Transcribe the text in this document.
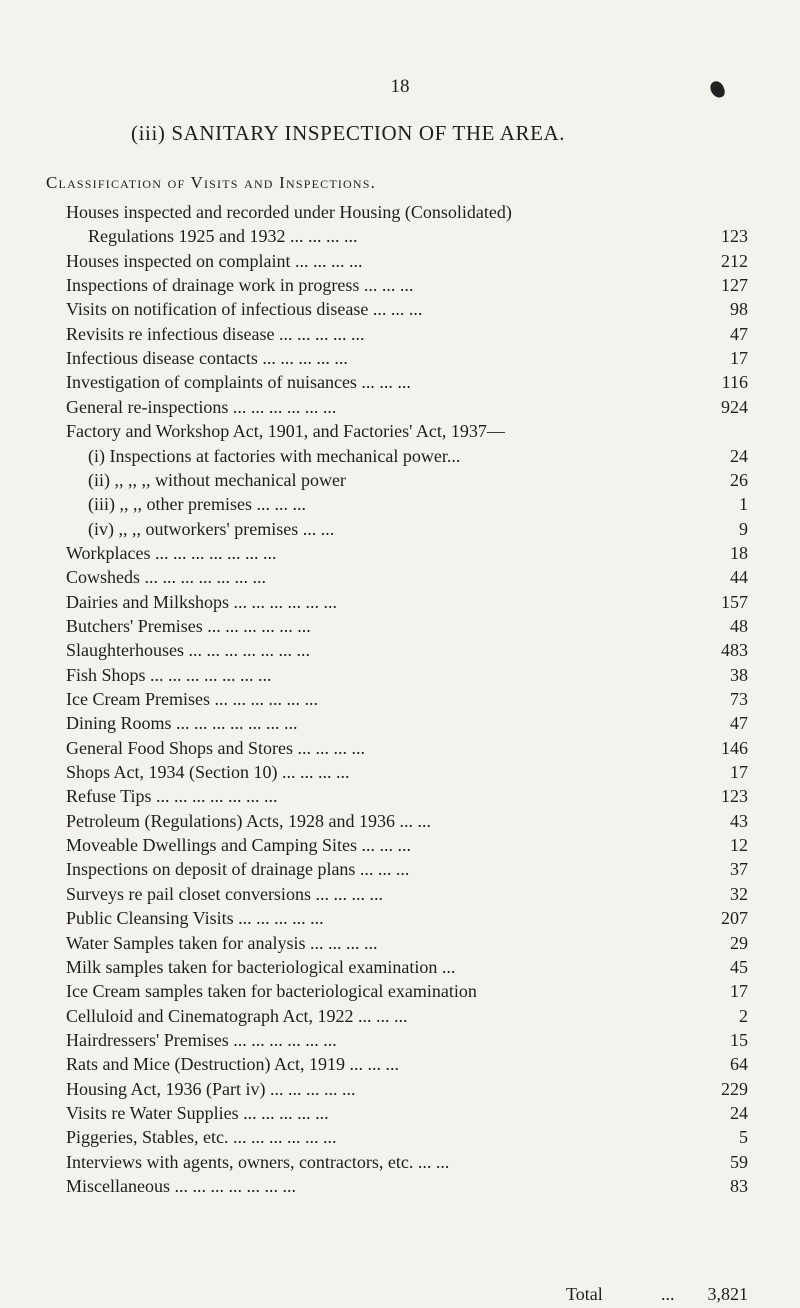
18
(iii) SANITARY INSPECTION OF THE AREA.
Classification of Visits and Inspections.
Houses inspected and recorded under Housing (Consolidated)
Regulations 1925 and 1932 ... ... ... ...	123
Houses inspected on complaint ... ... ... ...	212
Inspections of drainage work in progress ... ... ...	127
Visits on notification of infectious disease ... ... ...	98
Revisits re infectious disease ... ... ... ... ...	47
Infectious disease contacts ... ... ... ... ...	17
Investigation of complaints of nuisances ... ... ...	116
General re-inspections ... ... ... ... ... ...	924
Factory and Workshop Act, 1901, and Factories' Act, 1937—
(i) Inspections at factories with mechanical power...	24
(ii) ,, ,, ,, without mechanical power	26
(iii) ,, ,, other premises ... ... ...	1
(iv) ,, ,, outworkers' premises ... ...	9
Workplaces ... ... ... ... ... ... ...	18
Cowsheds ... ... ... ... ... ... ...	44
Dairies and Milkshops ... ... ... ... ... ...	157
Butchers' Premises ... ... ... ... ... ...	48
Slaughterhouses ... ... ... ... ... ... ...	483
Fish Shops ... ... ... ... ... ... ...	38
Ice Cream Premises ... ... ... ... ... ...	73
Dining Rooms ... ... ... ... ... ... ...	47
General Food Shops and Stores ... ... ... ...	146
Shops Act, 1934 (Section 10) ... ... ... ...	17
Refuse Tips ... ... ... ... ... ... ...	123
Petroleum (Regulations) Acts, 1928 and 1936 ... ...	43
Moveable Dwellings and Camping Sites ... ... ...	12
Inspections on deposit of drainage plans ... ... ...	37
Surveys re pail closet conversions ... ... ... ...	32
Public Cleansing Visits ... ... ... ... ...	207
Water Samples taken for analysis ... ... ... ...	29
Milk samples taken for bacteriological examination ...	45
Ice Cream samples taken for bacteriological examination	17
Celluloid and Cinematograph Act, 1922 ... ... ...	2
Hairdressers' Premises ... ... ... ... ... ...	15
Rats and Mice (Destruction) Act, 1919 ... ... ...	64
Housing Act, 1936 (Part iv) ... ... ... ... ...	229
Visits re Water Supplies ... ... ... ... ...	24
Piggeries, Stables, etc. ... ... ... ... ... ...	5
Interviews with agents, owners, contractors, etc. ... ...	59
Miscellaneous ... ... ... ... ... ... ...	83
Total	... 3,821
